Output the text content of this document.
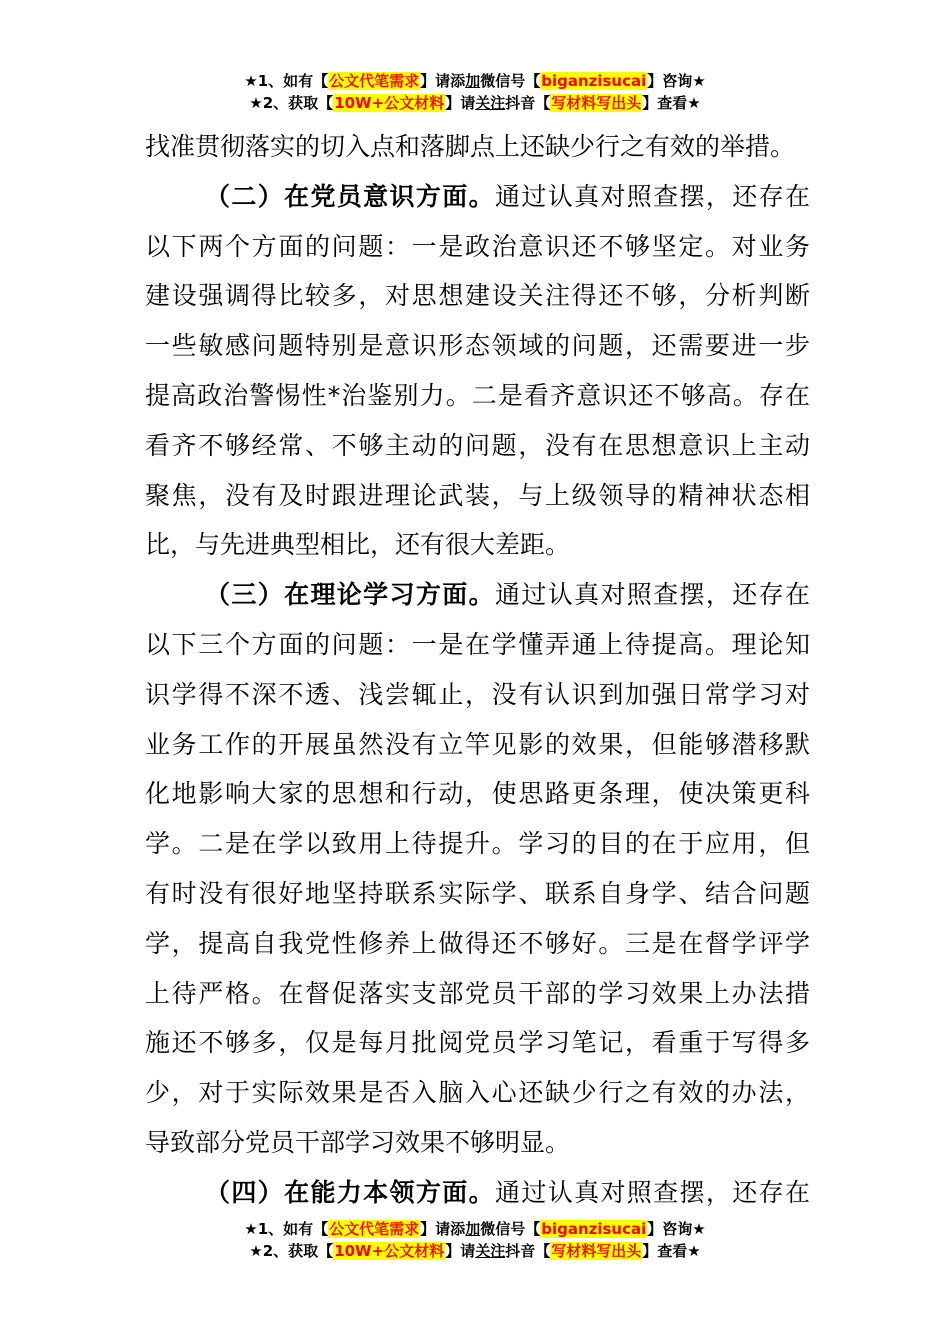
★1、如有【公文代笔需求】请添加微信号【biganzisucai】咨询★
★2、获取【10W+公文材料】请关注抖音【写材料写出头】查看★
找准贯彻落实的切入点和落脚点上还缺少行之有效的举措。
（二）在党员意识方面。通过认真对照查摆，还存在
以下两个方面的问题：一是政治意识还不够坚定。对业务
建设强调得比较多，对思想建设关注得还不够，分析判断
一些敏感问题特别是意识形态领域的问题，还需要进一步
提高政治警惕性*治鉴别力。二是看齐意识还不够高。存在
看齐不够经常、不够主动的问题，没有在思想意识上主动
聚焦，没有及时跟进理论武装，与上级领导的精神状态相
比，与先进典型相比，还有很大差距。
（三）在理论学习方面。通过认真对照查摆，还存在
以下三个方面的问题：一是在学懂弄通上待提高。理论知
识学得不深不透、浅尝辄止，没有认识到加强日常学习对
业务工作的开展虽然没有立竿见影的效果，但能够潜移默
化地影响大家的思想和行动，使思路更条理，使决策更科
学。二是在学以致用上待提升。学习的目的在于应用，但
有时没有很好地坚持联系实际学、联系自身学、结合问题
学，提高自我党性修养上做得还不够好。三是在督学评学
上待严格。在督促落实支部党员干部的学习效果上办法措
施还不够多，仅是每月批阅党员学习笔记，看重于写得多
少，对于实际效果是否入脑入心还缺少行之有效的办法，
导致部分党员干部学习效果不够明显。
（四）在能力本领方面。通过认真对照查摆，还存在
★1、如有【公文代笔需求】请添加微信号【biganzisucai】咨询★
★2、获取【10W+公文材料】请关注抖音【写材料写出头】查看★
